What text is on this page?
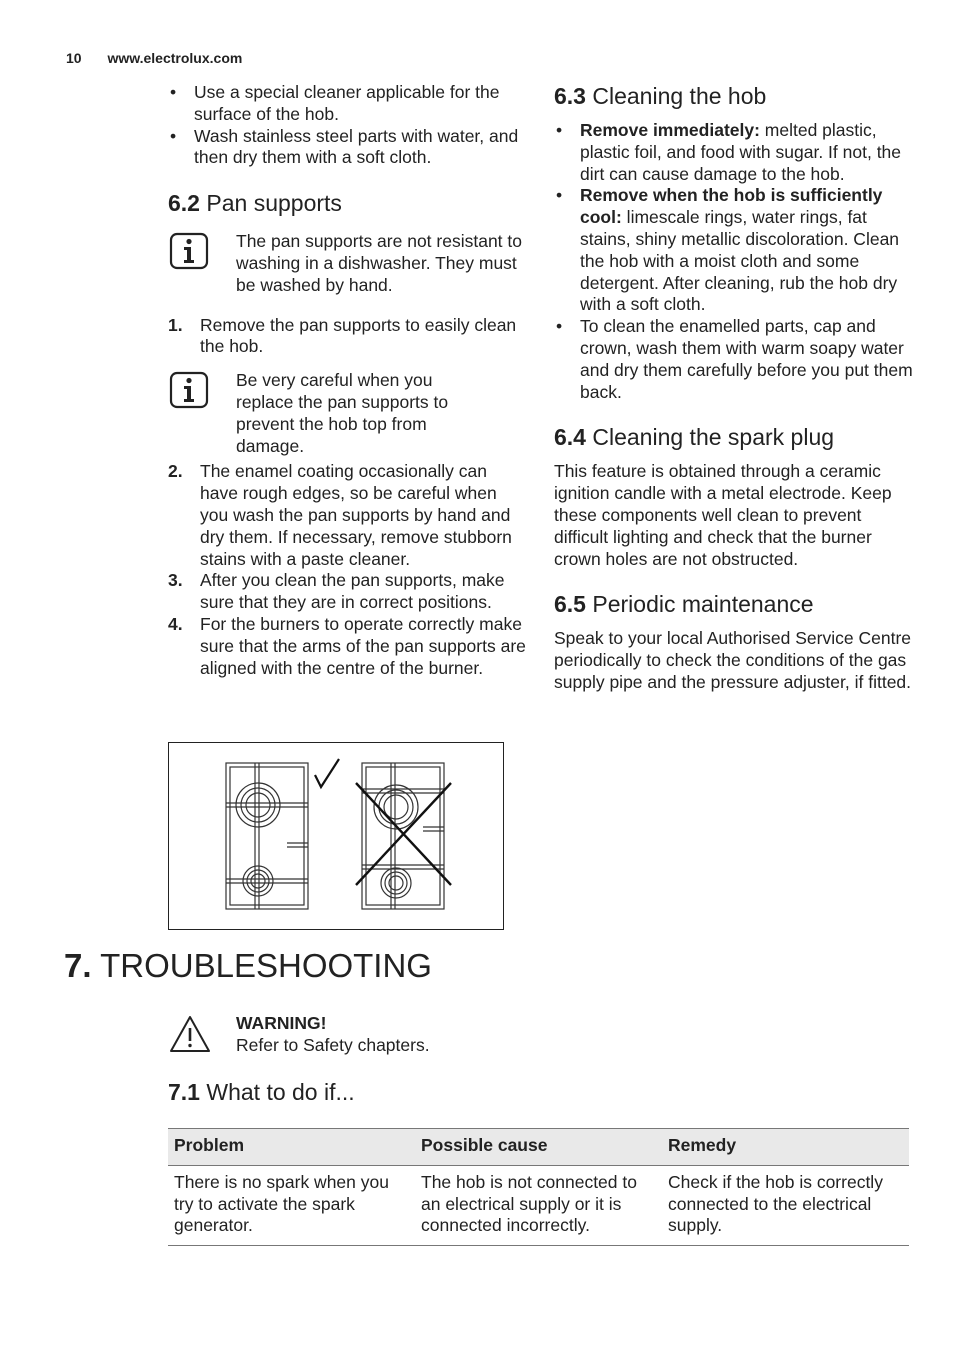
10 www.electrolux.com
• Use a special cleaner applicable for the surface of the hob.
• Wash stainless steel parts with water, and then dry them with a soft cloth.
6.2 Pan supports
The pan supports are not resistant to washing in a dishwasher. They must be washed by hand.
1. Remove the pan supports to easily clean the hob.
Be very careful when you replace the pan supports to prevent the hob top from damage.
2. The enamel coating occasionally can have rough edges, so be careful when you wash the pan supports by hand and dry them. If necessary, remove stubborn stains with a paste cleaner.
3. After you clean the pan supports, make sure that they are in correct positions.
4. For the burners to operate correctly make sure that the arms of the pan supports are aligned with the centre of the burner.
6.3 Cleaning the hob
• Remove immediately: melted plastic, plastic foil, and food with sugar. If not, the dirt can cause damage to the hob.
• Remove when the hob is sufficiently cool: limescale rings, water rings, fat stains, shiny metallic discoloration. Clean the hob with a moist cloth and some detergent. After cleaning, rub the hob dry with a soft cloth.
• To clean the enamelled parts, cap and crown, wash them with warm soapy water and dry them carefully before you put them back.
6.4 Cleaning the spark plug

This feature is obtained through a ceramic ignition candle with a metal electrode. Keep these components well clean to prevent difficult lighting and check that the burner crown holes are not obstructed.

6.5 Periodic maintenance

Speak to your local Authorised Service Centre periodically to check the conditions of the gas supply pipe and the pressure adjuster, if fitted.

7. TROUBLESHOOTING
WARNING!
Refer to Safety chapters.
7.1 What to do if...
Problem	Possible cause	Remedy
There is no spark when you try to activate the spark generator.	The hob is not connected to an electrical supply or it is connected incorrectly.	Check if the hob is correctly connected to the electrical supply.
